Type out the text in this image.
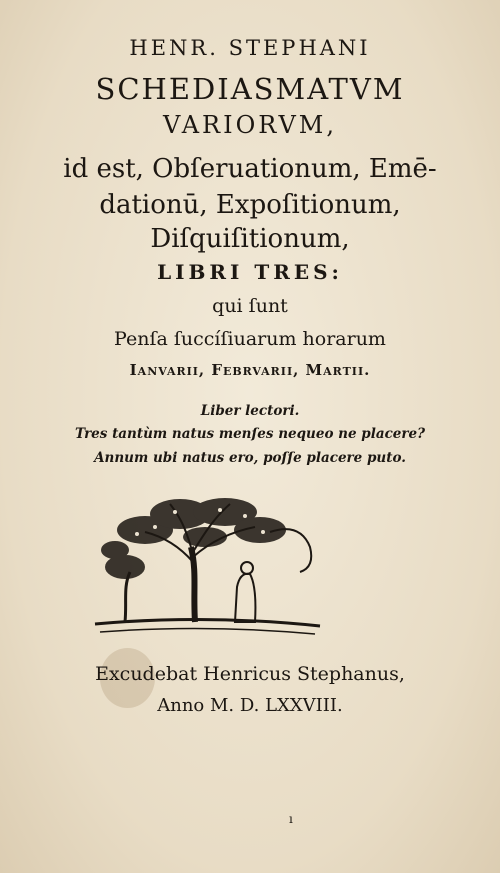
HENR. STEPHANI
SCHEDIASMATVM
VARIORVM,
id est, Obſeruationum, Emē-
dationū, Expoſitionum,
Diſquiſitionum,
LIBRI TRES:
qui ſunt
Penſa ſuccíſiuarum horarum
Ianvarii, Febrvarii, Martii.
Liber lectori.
Tres tantùm natus menſes nequeo ne placere?
Annum ubi natus ero, poſſe placere puto.
Excudebat Henricus Stephanus,
Anno M. D. LXXVIII.
ı
